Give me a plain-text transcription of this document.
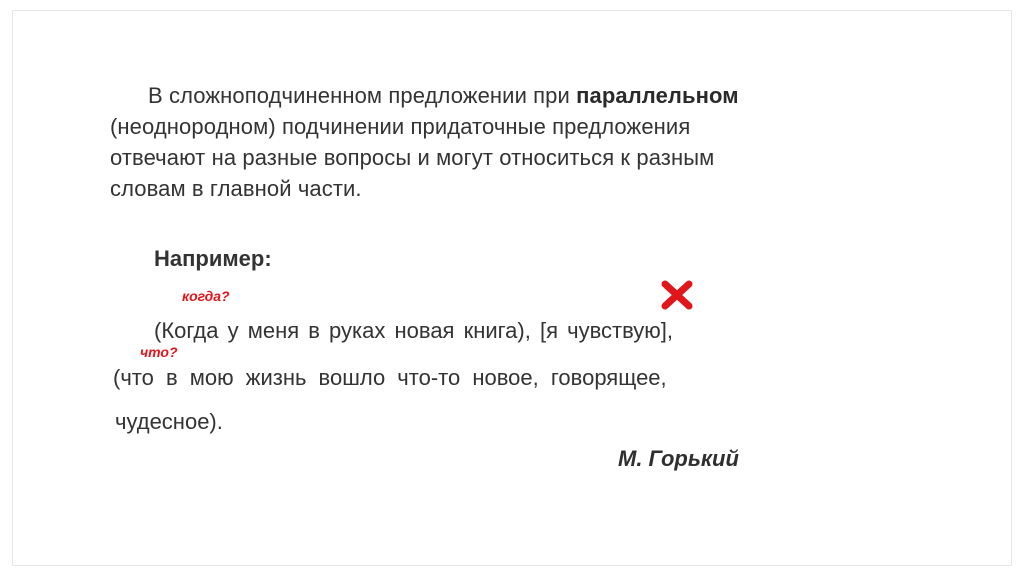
В сложноподчиненном предложении при параллельном
(неоднородном) подчинении придаточные предложения
отвечают на разные вопросы и могут относиться к разным
словам в главной части.
Например:
когда?
(Когда у меня в руках новая книга), [я чувствую],
что?
(что в мою жизнь вошло что-то новое, говорящее,
чудесное).
М. Горький
